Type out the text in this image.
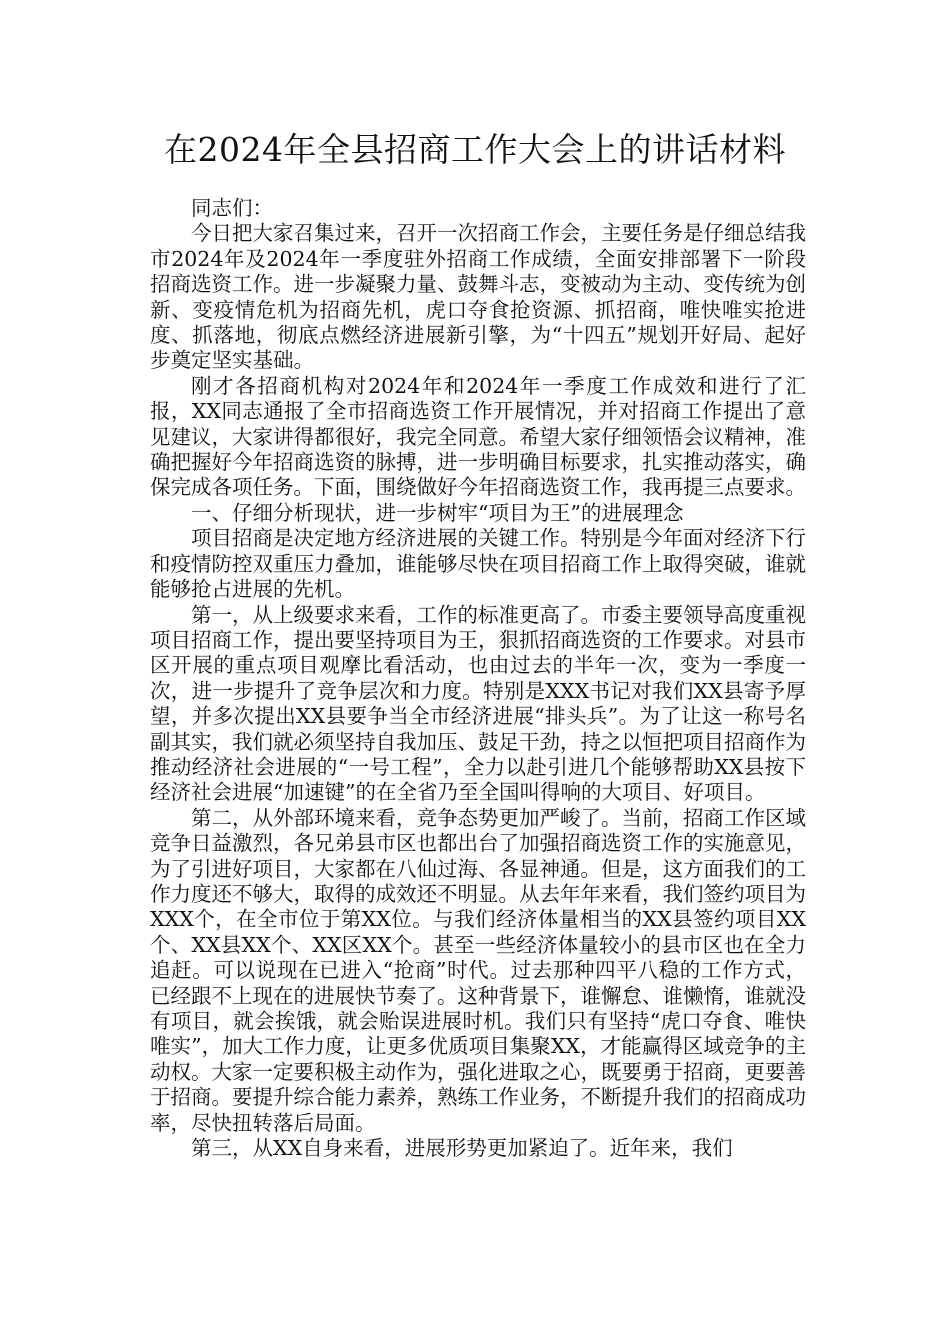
在2024年全县招商工作大会上的讲话材料

同志们：

今日把大家召集过来，召开一次招商工作会，主要任务是仔细总结我市2024年及2024年一季度驻外招商工作成绩，全面安排部署下一阶段招商选资工作。进一步凝聚力量、鼓舞斗志，变被动为主动、变传统为创新、变疫情危机为招商先机，虎口夺食抢资源、抓招商，唯快唯实抢进度、抓落地，彻底点燃经济进展新引擎，为“十四五”规划开好局、起好步奠定坚实基础。

刚才各招商机构对2024年和2024年一季度工作成效和进行了汇报，XX同志通报了全市招商选资工作开展情况，并对招商工作提出了意见建议，大家讲得都很好，我完全同意。希望大家仔细领悟会议精神，准确把握好今年招商选资的脉搏，进一步明确目标要求，扎实推动落实，确保完成各项任务。下面，围绕做好今年招商选资工作，我再提三点要求。

一、仔细分析现状，进一步树牢“项目为王”的进展理念

项目招商是决定地方经济进展的关键工作。特别是今年面对经济下行和疫情防控双重压力叠加，谁能够尽快在项目招商工作上取得突破，谁就能够抢占进展的先机。

第一，从上级要求来看，工作的标准更高了。市委主要领导高度重视项目招商工作，提出要坚持项目为王，狠抓招商选资的工作要求。对县市区开展的重点项目观摩比看活动，也由过去的半年一次，变为一季度一次，进一步提升了竞争层次和力度。特别是XXX书记对我们XX县寄予厚望，并多次提出XX县要争当全市经济进展“排头兵”。为了让这一称号名副其实，我们就必须坚持自我加压、鼓足干劲，持之以恒把项目招商作为推动经济社会进展的“一号工程”，全力以赴引进几个能够帮助XX县按下经济社会进展“加速键”的在全省乃至全国叫得响的大项目、好项目。

第二，从外部环境来看，竞争态势更加严峻了。当前，招商工作区域竞争日益激烈，各兄弟县市区也都出台了加强招商选资工作的实施意见，为了引进好项目，大家都在八仙过海、各显神通。但是，这方面我们的工作力度还不够大，取得的成效还不明显。从去年年来看，我们签约项目为XXX个，在全市位于第XX位。与我们经济体量相当的XX县签约项目XX个、XX县XX个、XX区XX个。甚至一些经济体量较小的县市区也在全力追赶。可以说现在已进入“抢商”时代。过去那种四平八稳的工作方式，已经跟不上现在的进展快节奏了。这种背景下，谁懈怠、谁懒惰，谁就没有项目，就会挨饿，就会贻误进展时机。我们只有坚持“虎口夺食、唯快唯实”，加大工作力度，让更多优质项目集聚XX，才能赢得区域竞争的主动权。大家一定要积极主动作为，强化进取之心，既要勇于招商，更要善于招商。要提升综合能力素养，熟练工作业务，不断提升我们的招商成功率，尽快扭转落后局面。

第三，从XX自身来看，进展形势更加紧迫了。近年来，我们
